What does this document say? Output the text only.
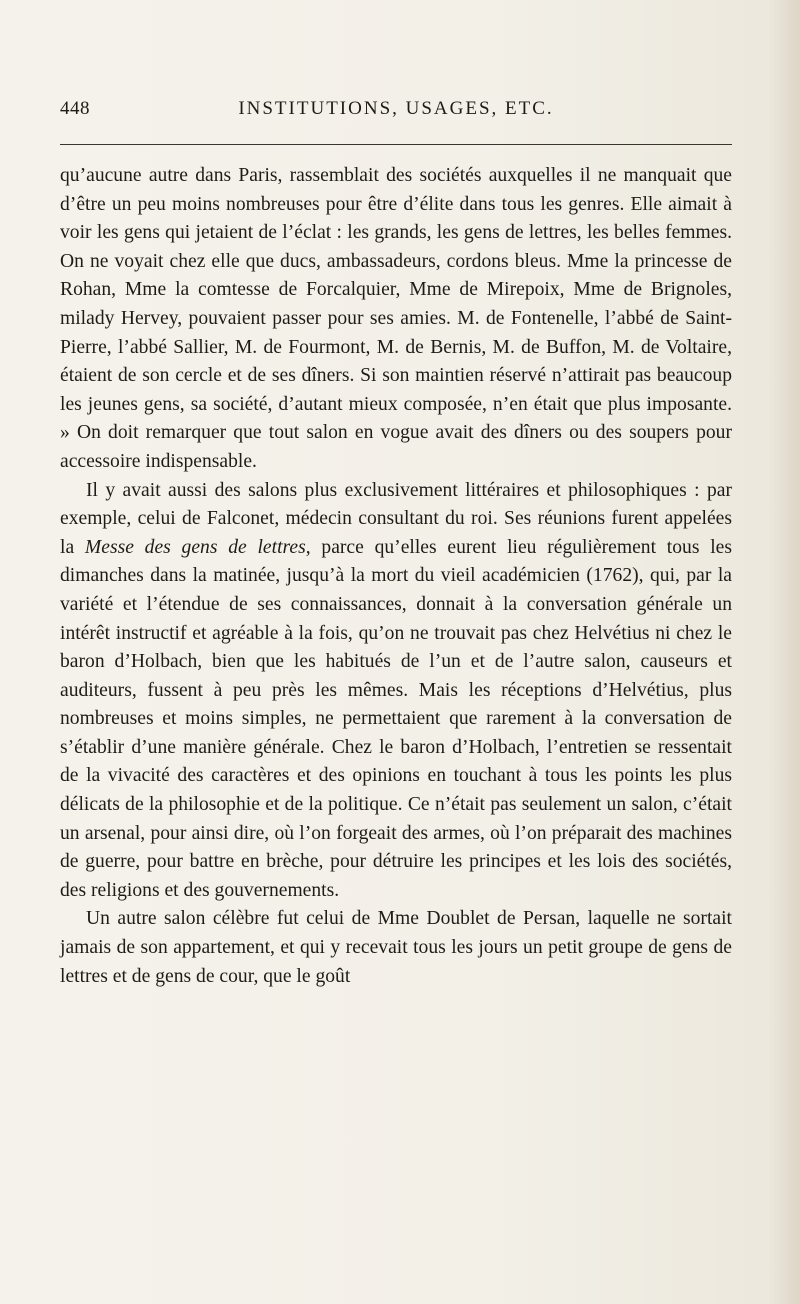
448	INSTITUTIONS, USAGES, ETC.

qu’aucune autre dans Paris, rassemblait des sociétés auxquelles il ne manquait que d’être un peu moins nombreuses pour être d’élite dans tous les genres. Elle aimait à voir les gens qui jetaient de l’éclat : les grands, les gens de lettres, les belles femmes. On ne voyait chez elle que ducs, ambassadeurs, cordons bleus. Mme la princesse de Rohan, Mme la comtesse de Forcalquier, Mme de Mirepoix, Mme de Brignoles, milady Hervey, pouvaient passer pour ses amies. M. de Fontenelle, l’abbé de Saint-Pierre, l’abbé Sallier, M. de Fourmont, M. de Bernis, M. de Buffon, M. de Voltaire, étaient de son cercle et de ses dîners. Si son maintien réservé n’attirait pas beaucoup les jeunes gens, sa société, d’autant mieux composée, n’en était que plus imposante. » On doit remarquer que tout salon en vogue avait des dîners ou des soupers pour accessoire indispensable.

Il y avait aussi des salons plus exclusivement littéraires et philosophiques : par exemple, celui de Falconet, médecin consultant du roi. Ses réunions furent appelées la Messe des gens de lettres, parce qu’elles eurent lieu régulièrement tous les dimanches dans la matinée, jusqu’à la mort du vieil académicien (1762), qui, par la variété et l’étendue de ses connaissances, donnait à la conversation générale un intérêt instructif et agréable à la fois, qu’on ne trouvait pas chez Helvétius ni chez le baron d’Holbach, bien que les habitués de l’un et de l’autre salon, causeurs et auditeurs, fussent à peu près les mêmes. Mais les réceptions d’Helvétius, plus nombreuses et moins simples, ne permettaient que rarement à la conversation de s’établir d’une manière générale. Chez le baron d’Holbach, l’entretien se ressentait de la vivacité des caractères et des opinions en touchant à tous les points les plus délicats de la philosophie et de la politique. Ce n’était pas seulement un salon, c’était un arsenal, pour ainsi dire, où l’on forgeait des armes, où l’on préparait des machines de guerre, pour battre en brèche, pour détruire les principes et les lois des sociétés, des religions et des gouvernements.

Un autre salon célèbre fut celui de Mme Doublet de Persan, laquelle ne sortait jamais de son appartement, et qui y recevait tous les jours un petit groupe de gens de lettres et de gens de cour, que le goût
